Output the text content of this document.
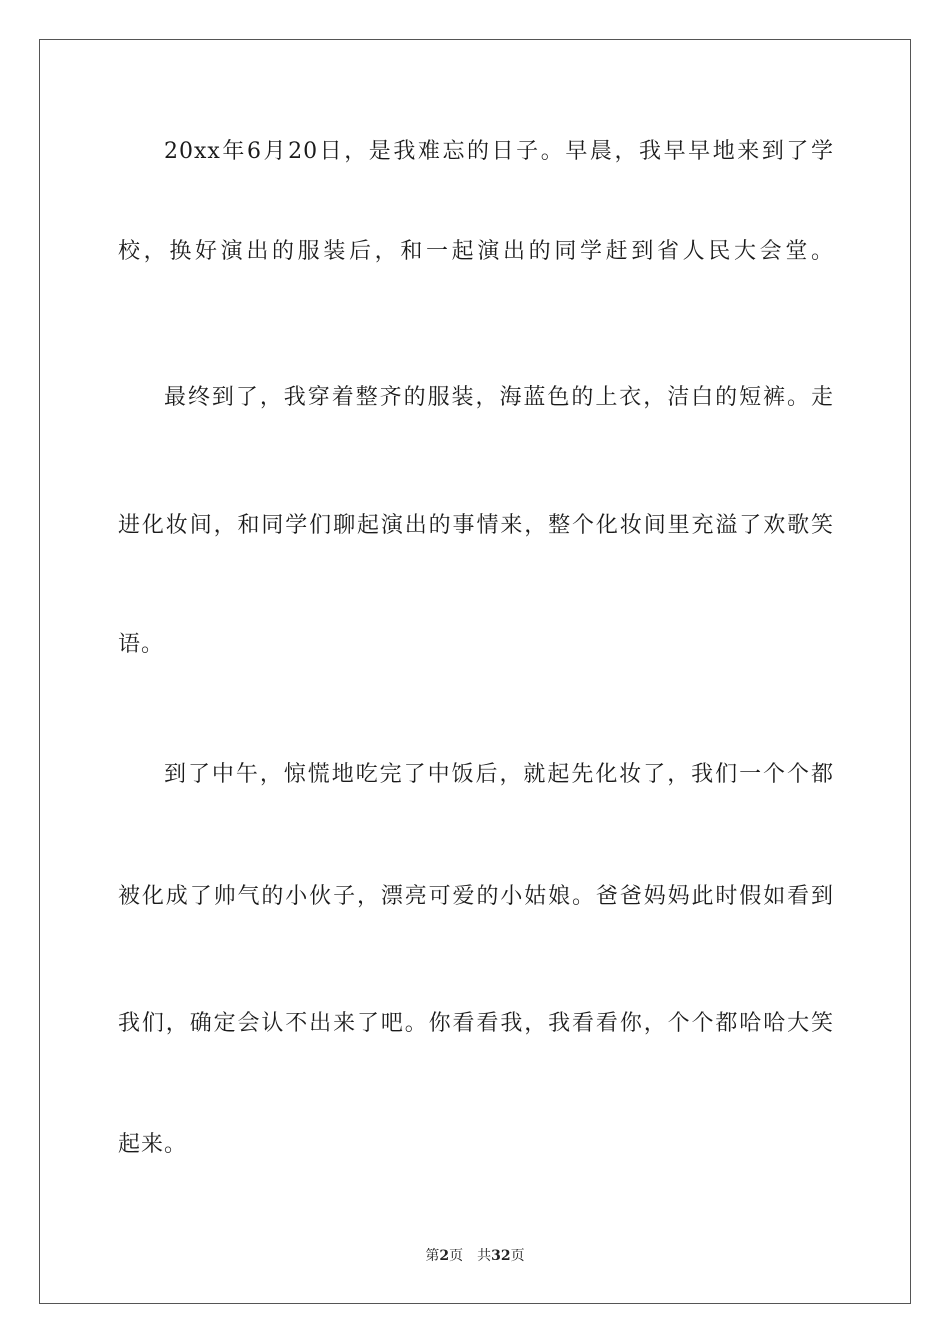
20xx年6月20日，是我难忘的日子。早晨，我早早地来到了学
校，换好演出的服装后，和一起演出的同学赶到省人民大会堂。
最终到了，我穿着整齐的服装，海蓝色的上衣，洁白的短裤。走
进化妆间，和同学们聊起演出的事情来，整个化妆间里充溢了欢歌笑
语。
到了中午，惊慌地吃完了中饭后，就起先化妆了，我们一个个都
被化成了帅气的小伙子，漂亮可爱的小姑娘。爸爸妈妈此时假如看到
我们，确定会认不出来了吧。你看看我，我看看你，个个都哈哈大笑
起来。
第2页 共32页
